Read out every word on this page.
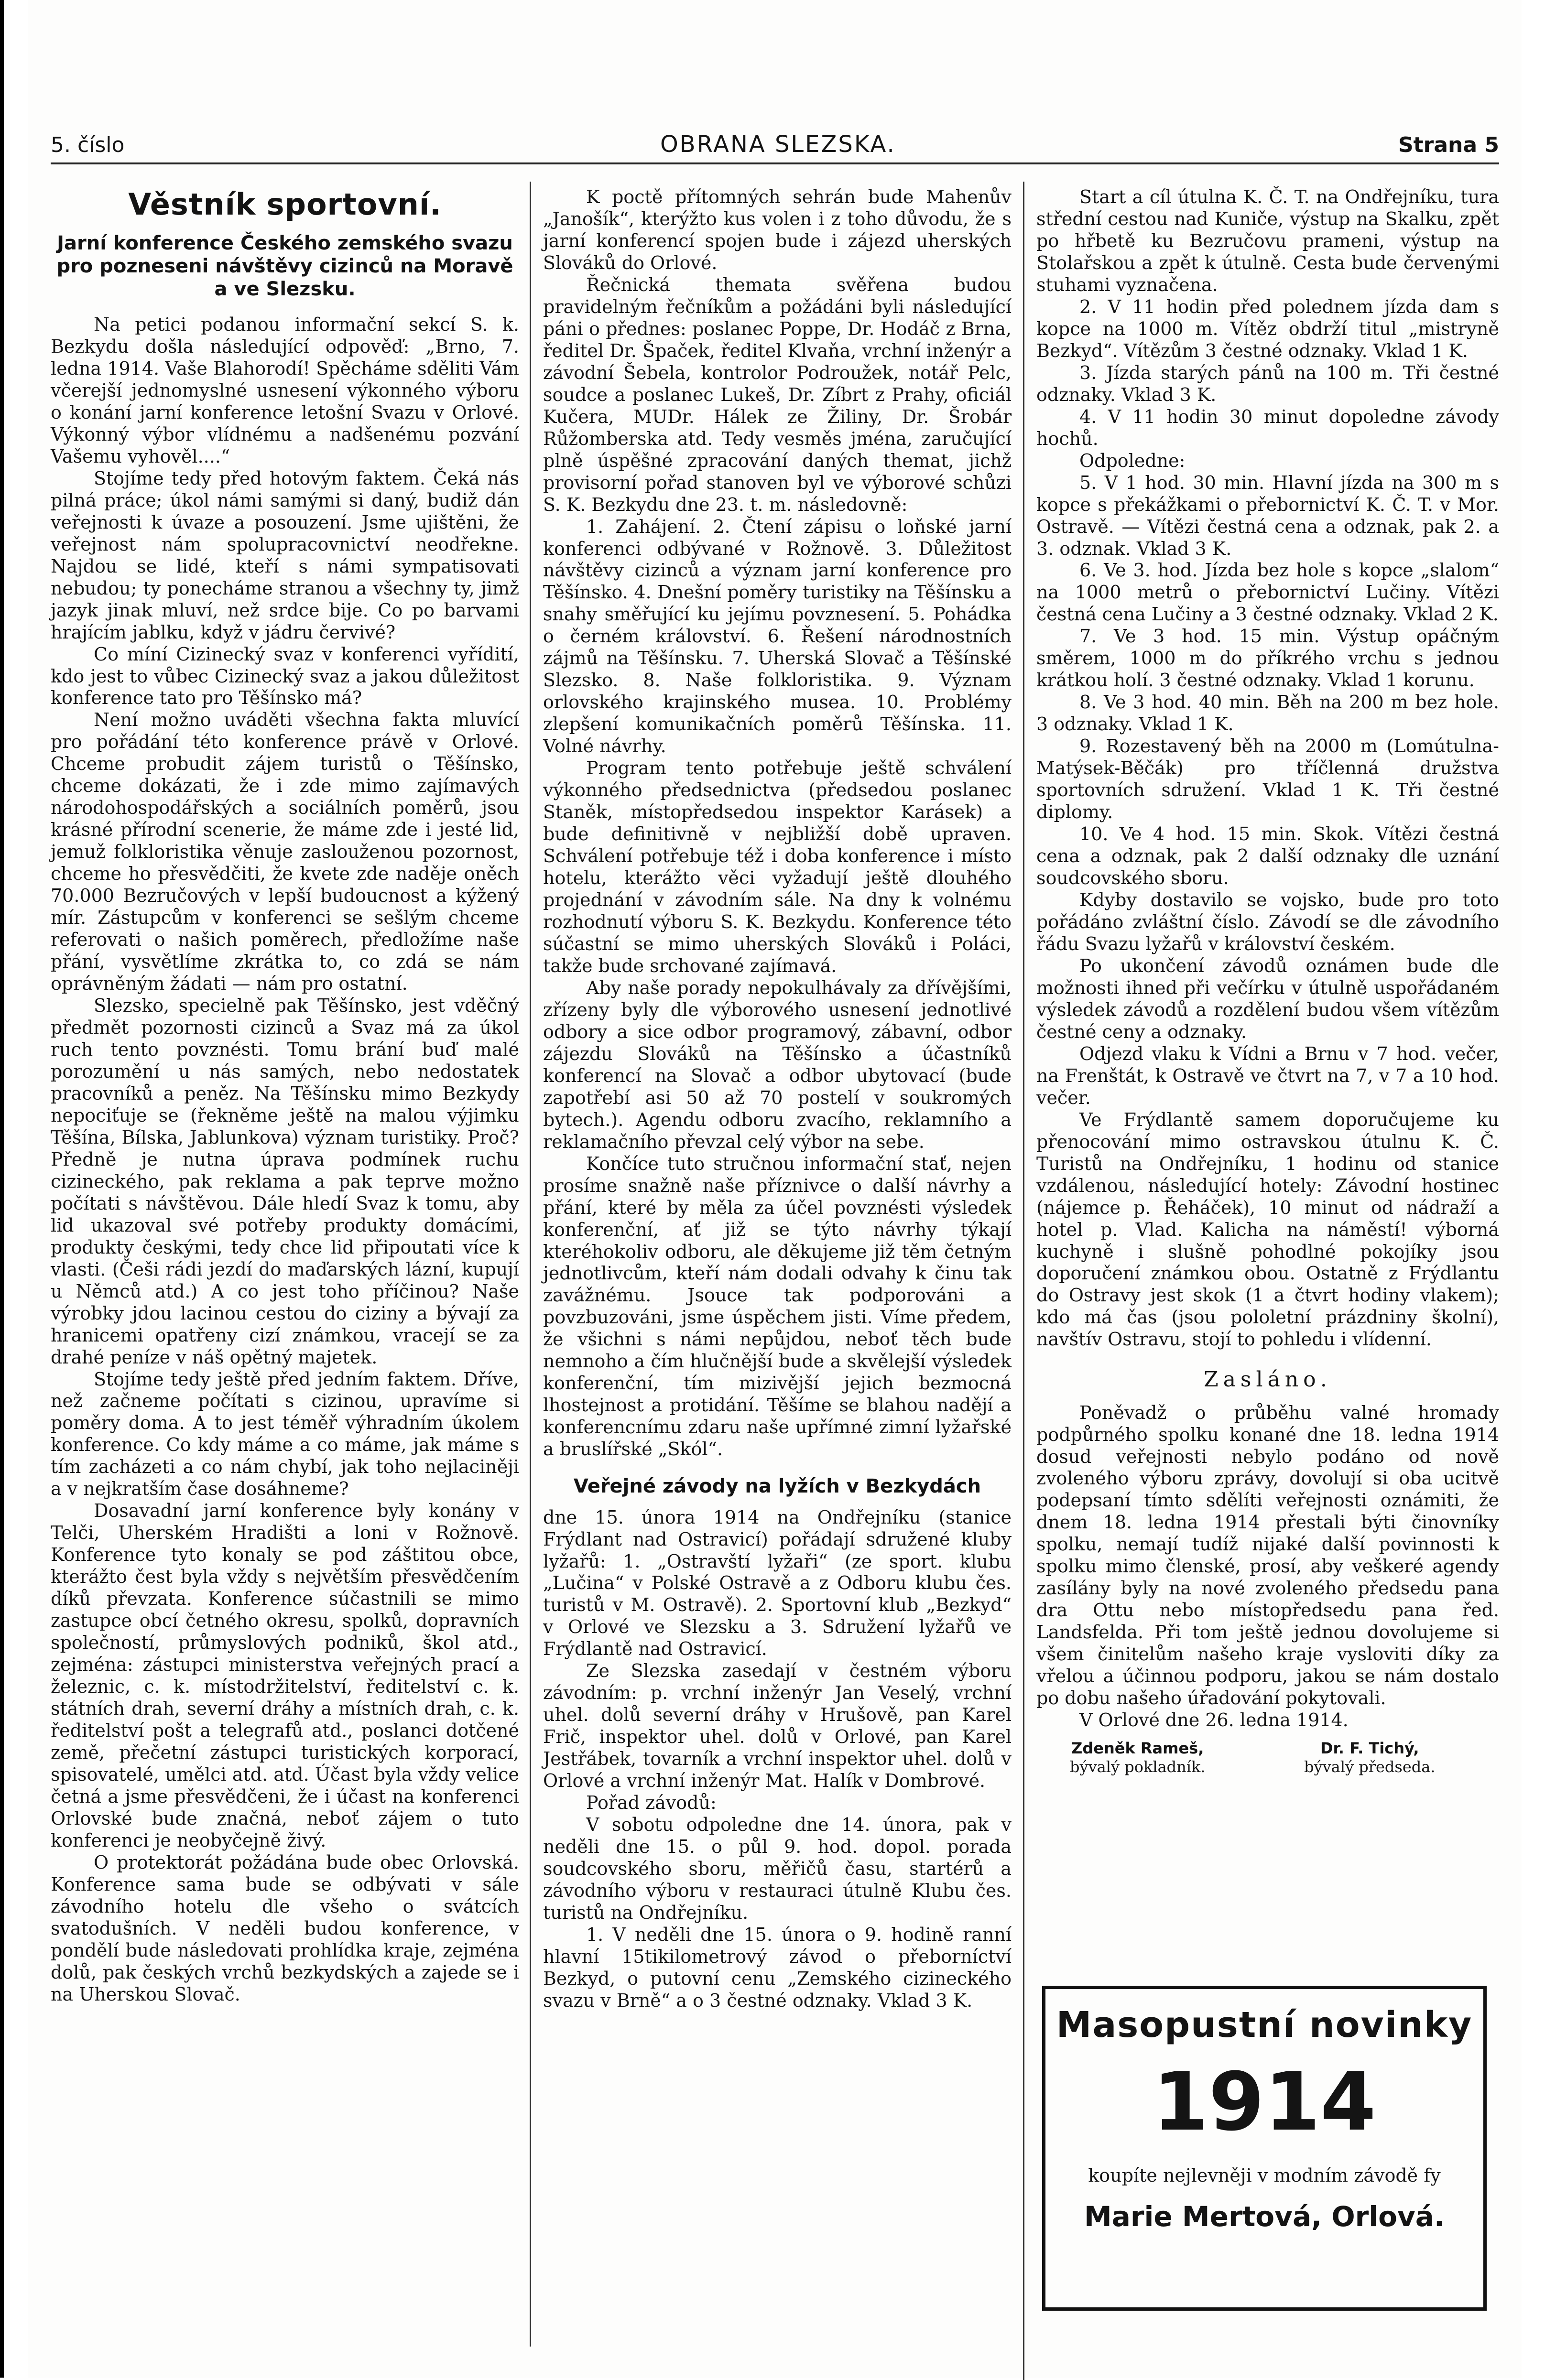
5. číslo	OBRANA SLEZSKA.	Strana 5
Věstník sportovní.
Jarní konference Českého zemského svazu
pro pozneseni návštěvy cizinců na Moravě
a ve Slezsku.

Na petici podanou informační sekcí S. k. Bezkydu došla následující odpověď: „Brno, 7. ledna 1914. Vaše Blahorodí! Spěcháme sděliti Vám včerejší jednomyslné usnesení výkonného výboru o konání jarní konference letošní Svazu v Orlové. Výkonný výbor vlídnému a nadšenému pozvání Vašemu vyhověl....“

Stojíme tedy před hotovým faktem. Čeká nás pilná práce; úkol námi samými si daný, budiž dán veřejnosti k úvaze a posouzení. Jsme ujištěni, že veřejnost nám spolupracovnictví neodřekne. Najdou se lidé, kteří s námi sympatisovati nebudou; ty ponecháme stranou a všechny ty, jimž jazyk jinak mluví, než srdce bije. Co po barvami hrajícím jablku, když v jádru červivé?

Co míní Cizinecký svaz v konferenci vyřídití, kdo jest to vůbec Cizinecký svaz a jakou důležitost konference tato pro Těšínsko má?

Není možno uváděti všechna fakta mluvící pro pořádání této konference právě v Orlové. Chceme probudit zájem turistů o Těšínsko, chceme dokázati, že i zde mimo zajímavých národohospodářských a sociálních poměrů, jsou krásné přírodní scenerie, že máme zde i jesté lid, jemuž folkloristika věnuje zaslouženou pozornost, chceme ho přesvědčiti, že kvete zde naděje oněch 70.000 Bezručových v lepší budoucnost a kýžený mír. Zástupcům v konferenci se sešlým chceme referovati o našich poměrech, předložíme naše přání, vysvětlíme zkrátka to, co zdá se nám oprávněným žádati — nám pro ostatní.

Slezsko, specielně pak Těšínsko, jest vděčný předmět pozornosti cizinců a Svaz má za úkol ruch tento povznésti. Tomu brání buď malé porozumění u nás samých, nebo nedostatek pracovníků a peněz. Na Těšínsku mimo Bezkydy nepociťuje se (řekněme ještě na malou výjimku Těšína, Bílska, Jablunkova) význam turistiky. Proč? Předně je nutna úprava podmínek ruchu cizineckého, pak reklama a pak teprve možno počítati s návštěvou. Dále hledí Svaz k tomu, aby lid ukazoval své potřeby produkty domácími, produkty českými, tedy chce lid připoutati více k vlasti. (Češi rádi jezdí do maďarských lázní, kupují u Němců atd.) A co jest toho příčinou? Naše výrobky jdou lacinou cestou do ciziny a bývají za hranicemi opatřeny cizí známkou, vracejí se za drahé peníze v náš opětný majetek.

Stojíme tedy ještě před jedním faktem. Dříve, než začneme počítati s cizinou, upravíme si poměry doma. A to jest téměř výhradním úkolem konference. Co kdy máme a co máme, jak máme s tím zacházeti a co nám chybí, jak toho nejlaciněji a v nejkratším čase dosáhneme?

Dosavadní jarní konference byly konány v Telči, Uherském Hradišti a loni v Rožnově. Konference tyto konaly se pod záštitou obce, kterážto čest byla vždy s největším přesvědčením díků převzata. Konference súčastnili se mimo zastupce obcí četného okresu, spolků, dopravních společností, průmyslových podniků, škol atd., zejména: zástupci ministerstva veřejných prací a železnic, c. k. místodržitelství, ředitelství c. k. státních drah, severní dráhy a místních drah, c. k. ředitelství pošt a telegrafů atd., poslanci dotčené země, přečetní zástupci turistických korporací, spisovatelé, umělci atd. atd. Účast byla vždy velice četná a jsme přesvědčeni, že i účast na konferenci Orlovské bude značná, neboť zájem o tuto konferenci je neobyčejně živý.

O protektorát požádána bude obec Orlovská. Konference sama bude se odbývati v sále závodního hotelu dle všeho o svátcích svatodušních. V neděli budou konference, v pondělí bude následovati prohlídka kraje, zejména dolů, pak českých vrchů bezkydských a zajede se i na Uherskou Slovač.

K poctě přítomných sehrán bude Mahenův „Janošík“, kterýžto kus volen i z toho důvodu, že s jarní konferencí spojen bude i zájezd uherských Slováků do Orlové.

Řečnická themata svěřena budou pravidelným řečníkům a požádáni byli následující páni o přednes: poslanec Poppe, Dr. Hodáč z Brna, ředitel Dr. Špaček, ředitel Klvaňa, vrchní inženýr a závodní Šebela, kontrolor Podroužek, notář Pelc, soudce a poslanec Lukeš, Dr. Zíbrt z Prahy, oficiál Kučera, MUDr. Hálek ze Žiliny, Dr. Šrobár Růžomberska atd. Tedy vesměs jména, zaručující plně úspěšné zpracování daných themat, jichž provisorní pořad stanoven byl ve výborové schůzi S. K. Bezkydu dne 23. t. m. následovně:

1. Zahájení. 2. Čtení zápisu o loňské jarní konferenci odbývané v Rožnově. 3. Důležitost návštěvy cizinců a význam jarní konference pro Těšínsko. 4. Dnešní poměry turistiky na Těšínsku a snahy směřující ku jejímu povznesení. 5. Pohádka o černém království. 6. Řešení národnostních zájmů na Těšínsku. 7. Uherská Slovač a Těšínské Slezsko. 8. Naše folkloristika. 9. Význam orlovského krajinského musea. 10. Problémy zlepšení komunikačních poměrů Těšínska. 11. Volné návrhy.

Program tento potřebuje ještě schválení výkonného předsednictva (předsedou poslanec Staněk, místopředsedou inspektor Karásek) a bude definitivně v nejbližší době upraven. Schválení potřebuje též i doba konference i místo hotelu, kterážto věci vyžadují ještě dlouhého projednání v závodním sále. Na dny k volnému rozhodnutí výboru S. K. Bezkydu. Konference této súčastní se mimo uherských Slováků i Poláci, takže bude srchované zajímavá.

Aby naše porady nepokulhávaly za dřívějšími, zřízeny byly dle výborového usnesení jednotlivé odbory a sice odbor programový, zábavní, odbor zájezdu Slováků na Těšínsko a účastníků konferencí na Slovač a odbor ubytovací (bude zapotřebí asi 50 až 70 postelí v soukromých bytech.). Agendu odboru zvacího, reklamního a reklamačního převzal celý výbor na sebe.

Končíce tuto stručnou informační stať, nejen prosíme snažně naše příznivce o další návrhy a přání, které by měla za účel povznésti výsledek konferenční, ať již se týto návrhy týkají kteréhokoliv odboru, ale děkujeme již těm četným jednotlivcům, kteří nám dodali odvahy k činu tak zavážnému. Jsouce tak podporováni a povzbuzováni, jsme úspěchem jisti. Víme předem, že všichni s námi nepůjdou, neboť těch bude nemnoho a čím hlučnější bude a skvělejší výsledek konferenční, tím mizivější jejich bezmocná lhostejnost a protidání. Těšíme se blahou nadějí a konferencnímu zdaru naše upřímné zimní lyžařské a bruslířské „Skól“.

Veřejné závody na lyžích v Bezkydách

dne 15. února 1914 na Ondřejníku (stanice Frýdlant nad Ostravicí) pořádají sdružené kluby lyžařů: 1. „Ostravští lyžaři“ (ze sport. klubu „Lučina“ v Polské Ostravě a z Odboru klubu čes. turistů v M. Ostravě). 2. Sportovní klub „Bezkyd“ v Orlové ve Slezsku a 3. Sdružení lyžařů ve Frýdlantě nad Ostravicí.

Ze Slezska zasedají v čestném výboru závodním: p. vrchní inženýr Jan Veselý, vrchní uhel. dolů severní dráhy v Hrušově, pan Karel Frič, inspektor uhel. dolů v Orlové, pan Karel Jestřábek, tovarník a vrchní inspektor uhel. dolů v Orlové a vrchní inženýr Mat. Halík v Dombrové.

Pořad závodů:

V sobotu odpoledne dne 14. února, pak v neděli dne 15. o půl 9. hod. dopol. porada soudcovského sboru, měřičů času, startérů a závodního výboru v restauraci útulně Klubu čes. turistů na Ondřejníku.

1. V neděli dne 15. února o 9. hodině ranní hlavní 15tikilometrový závod o přeborníctví Bezkyd, o putovní cenu „Zemského cizineckého svazu v Brně“ a o 3 čestné odznaky. Vklad 3 K.

Start a cíl útulna K. Č. T. na Ondřejníku, tura střední cestou nad Kuniče, výstup na Skalku, zpět po hřbetě ku Bezručovu prameni, výstup na Stolařskou a zpět k útulně. Cesta bude červenými stuhami vyznačena.

2. V 11 hodin před polednem jízda dam s kopce na 1000 m. Vítěz obdrží titul „mistryně Bezkyd“. Vítězům 3 čestné odznaky. Vklad 1 K.

3. Jízda starých pánů na 100 m. Tři čestné odznaky. Vklad 3 K.

4. V 11 hodin 30 minut dopoledne závody hochů.

Odpoledne:

5. V 1 hod. 30 min. Hlavní jízda na 300 m s kopce s překážkami o přebornictví K. Č. T. v Mor. Ostravě. — Vítězi čestná cena a odznak, pak 2. a 3. odznak. Vklad 3 K.

6. Ve 3. hod. Jízda bez hole s kopce „slalom“ na 1000 metrů o přebornictví Lučiny. Vítězi čestná cena Lučiny a 3 čestné odznaky. Vklad 2 K.

7. Ve 3 hod. 15 min. Výstup opáčným směrem, 1000 m do příkrého vrchu s jednou krátkou holí. 3 čestné odznaky. Vklad 1 korunu.

8. Ve 3 hod. 40 min. Běh na 200 m bez hole. 3 odznaky. Vklad 1 K.

9. Rozestavený běh na 2000 m (Lomútulna-Matýsek-Běčák) pro tříčlenná družstva sportovních sdružení. Vklad 1 K. Tři čestné diplomy.

10. Ve 4 hod. 15 min. Skok. Vítězi čestná cena a odznak, pak 2 další odznaky dle uznání soudcovského sboru.

Kdyby dostavilo se vojsko, bude pro toto pořádáno zvláštní číslo. Závodí se dle závodního řádu Svazu lyžařů v království českém.

Po ukončení závodů oznámen bude dle možnosti ihned při večírku v útulně uspořádaném výsledek závodů a rozdělení budou všem vítězům čestné ceny a odznaky.

Odjezd vlaku k Vídni a Brnu v 7 hod. večer, na Frenštát, k Ostravě ve čtvrt na 7, v 7 a 10 hod. večer.

Ve Frýdlantě samem doporučujeme ku přenocování mimo ostravskou útulnu K. Č. Turistů na Ondřejníku, 1 hodinu od stanice vzdálenou, následující hotely: Závodní hostinec (nájemce p. Řeháček), 10 minut od nádraží a hotel p. Vlad. Kalicha na náměstí! výborná kuchyně i slušně pohodlné pokojíky jsou doporučení známkou obou. Ostatně z Frýdlantu do Ostravy jest skok (1 a čtvrt hodiny vlakem); kdo má čas (jsou pololetní prázdniny školní), navštív Ostravu, stojí to pohledu i vlídenní.

Zasláno.

Poněvadž o průběhu valné hromady podpůrného spolku konané dne 18. ledna 1914 dosud veřejnosti nebylo podáno od nově zvoleného výboru zprávy, dovolují si oba ucitvě podepsaní tímto sdělíti veřejnosti oznámiti, že dnem 18. ledna 1914 přestali býti činovníky spolku, nemají tudíž nijaké další povinnosti k spolku mimo členské, prosí, aby veškeré agendy zasílány byly na nové zvoleného předsedu pana dra Ottu nebo místopředsedu pana řed. Landsfelda. Při tom ještě jednou dovolujeme si všem činitelům našeho kraje vysloviti díky za vřelou a účinnou podporu, jakou se nám dostalo po dobu našeho úřadování pokytovali.

V Orlové dne 26. ledna 1914.

Zdeněk Rameš,
bývalý pokladník.
Dr. F. Tichý,
bývalý předseda.
Masopustní novinky
1914
koupíte nejlevněji v modním závodě fy
Marie Mertová, Orlová.
